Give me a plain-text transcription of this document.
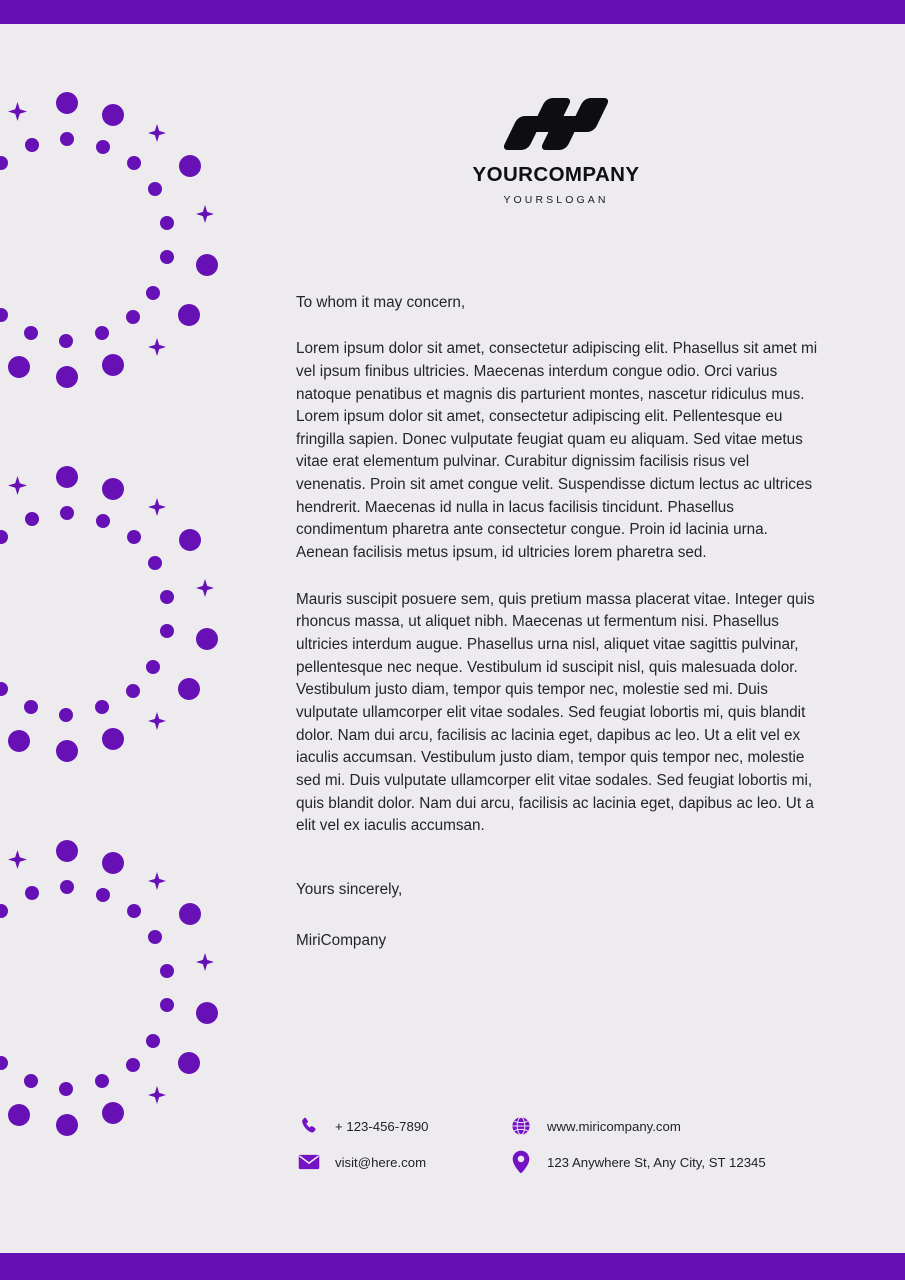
YOURCOMPANY
YOURSLOGAN

To whom it may concern,

Lorem ipsum dolor sit amet, consectetur adipiscing elit. Phasellus sit amet mi vel ipsum finibus ultricies. Maecenas interdum congue odio. Orci varius natoque penatibus et magnis dis parturient montes, nascetur ridiculus mus. Lorem ipsum dolor sit amet, consectetur adipiscing elit. Pellentesque eu fringilla sapien. Donec vulputate feugiat quam eu aliquam. Sed vitae metus vitae erat elementum pulvinar. Curabitur dignissim facilisis risus vel venenatis. Proin sit amet congue velit. Suspendisse dictum lectus ac ultrices hendrerit. Maecenas id nulla in lacus facilisis tincidunt. Phasellus condimentum pharetra ante consectetur congue. Proin id lacinia urna. Aenean facilisis metus ipsum, id ultricies lorem pharetra sed.

Mauris suscipit posuere sem, quis pretium massa placerat vitae. Integer quis rhoncus massa, ut aliquet nibh. Maecenas ut fermentum nisi. Phasellus ultricies interdum augue. Phasellus urna nisl, aliquet vitae sagittis pulvinar, pellentesque nec neque. Vestibulum id suscipit nisl, quis malesuada dolor. Vestibulum justo diam, tempor quis tempor nec, molestie sed mi. Duis vulputate ullamcorper elit vitae sodales. Sed feugiat lobortis mi, quis blandit dolor. Nam dui arcu, facilisis ac lacinia eget, dapibus ac leo. Ut a elit vel ex iaculis accumsan. Vestibulum justo diam, tempor quis tempor nec, molestie sed mi. Duis vulputate ullamcorper elit vitae sodales. Sed feugiat lobortis mi, quis blandit dolor. Nam dui arcu, facilisis ac lacinia eget, dapibus ac leo. Ut a elit vel ex iaculis accumsan.

Yours sincerely,

MiriCompany

+ 123-456-7890	www.miricompany.com
visit@here.com	123 Anywhere St, Any City, ST 12345
